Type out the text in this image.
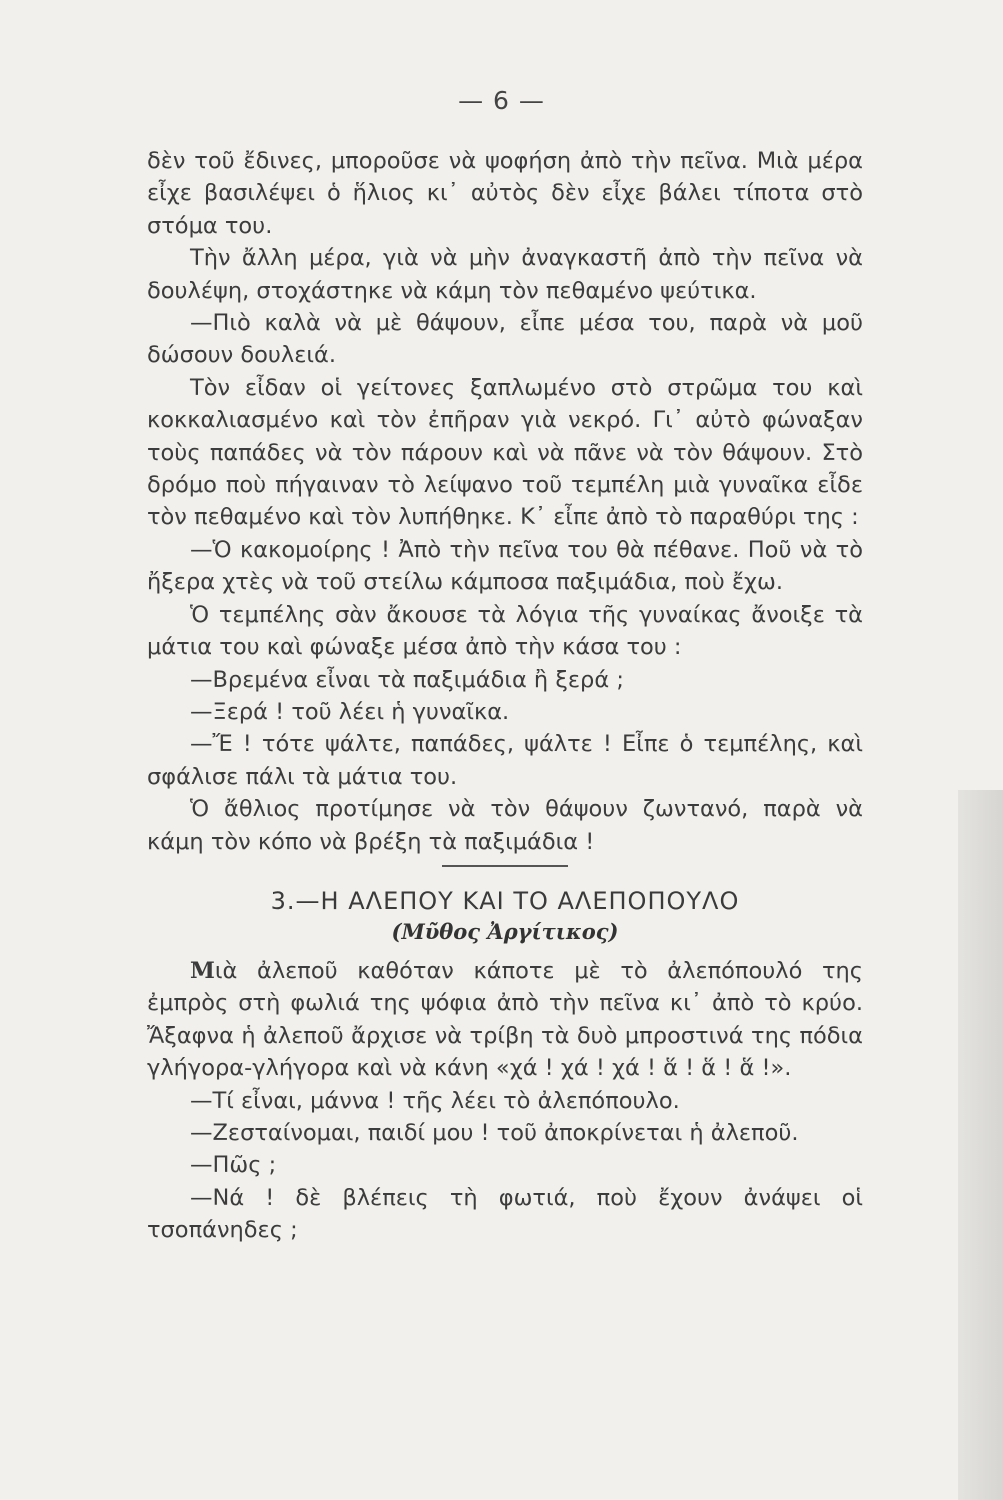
— 6 —

δὲν τοῦ ἔδινες, μποροῦσε νὰ ψοφήση ἀπὸ τὴν πεῖνα. Μιὰ μέρα εἶχε βασιλέψει ὁ ἥλιος κι᾿ αὐτὸς δὲν εἶχε βάλει τίποτα στὸ στόμα του.

Τὴν ἄλλη μέρα, γιὰ νὰ μὴν ἀναγκαστῆ ἀπὸ τὴν πεῖνα νὰ δουλέψη, στοχάστηκε νὰ κάμη τὸν πεθαμένο ψεύτικα.

—Πιὸ καλὰ νὰ μὲ θάψουν, εἶπε μέσα του, παρὰ νὰ μοῦ δώσουν δουλειά.

Τὸν εἶδαν οἱ γείτονες ξαπλωμένο στὸ στρῶμα του καὶ κοκκαλιασμένο καὶ τὸν ἐπῆραν γιὰ νεκρό. Γι᾿ αὐτὸ φώναξαν τοὺς παπάδες νὰ τὸν πάρουν καὶ νὰ πᾶνε νὰ τὸν θάψουν. Στὸ δρόμο ποὺ πήγαιναν τὸ λείψανο τοῦ τεμπέλη μιὰ γυναῖκα εἶδε τὸν πεθαμένο καὶ τὸν λυπήθηκε. Κ᾿ εἶπε ἀπὸ τὸ παραθύρι της :

—Ὁ κακομοίρης ! Ἀπὸ τὴν πεῖνα του θὰ πέθανε. Ποῦ νὰ τὸ ἤξερα χτὲς νὰ τοῦ στείλω κάμποσα παξιμάδια, ποὺ ἔχω.

Ὁ τεμπέλης σὰν ἄκουσε τὰ λόγια τῆς γυναίκας ἄνοιξε τὰ μάτια του καὶ φώναξε μέσα ἀπὸ τὴν κάσα του :

—Βρεμένα εἶναι τὰ παξιμάδια ἢ ξερά ;

—Ξερά ! τοῦ λέει ἡ γυναῖκα.

—Ἔ ! τότε ψάλτε, παπάδες, ψάλτε ! Εἶπε ὁ τεμπέλης, καὶ σφάλισε πάλι τὰ μάτια του.

Ὁ ἄθλιος προτίμησε νὰ τὸν θάψουν ζωντανό, παρὰ νὰ κάμη τὸν κόπο νὰ βρέξη τὰ παξιμάδια !

3.—Η ΑΛΕΠΟΥ ΚΑΙ ΤΟ ΑΛΕΠΟΠΟΥΛΟ

(Μῦθος Ἀργίτικος)

Μιὰ ἀλεποῦ καθόταν κάποτε μὲ τὸ ἀλεπόπουλό της ἐμπρὸς στὴ φωλιά της ψόφια ἀπὸ τὴν πεῖνα κι᾿ ἀπὸ τὸ κρύο. Ἄξαφνα ἡ ἀλεποῦ ἄρχισε νὰ τρίβη τὰ δυὸ μπροστινά της πόδια γλήγορα-γλήγορα καὶ νὰ κάνη «χά ! χά ! χά ! ἅ ! ἅ ! ἅ !».

—Τί εἶναι, μάννα ! τῆς λέει τὸ ἀλεπόπουλο.

—Ζεσταίνομαι, παιδί μου ! τοῦ ἀποκρίνεται ἡ ἀλεποῦ.

—Πῶς ;

—Νά ! δὲ βλέπεις τὴ φωτιά, ποὺ ἔχουν ἀνάψει οἱ τσοπάνηδες ;
